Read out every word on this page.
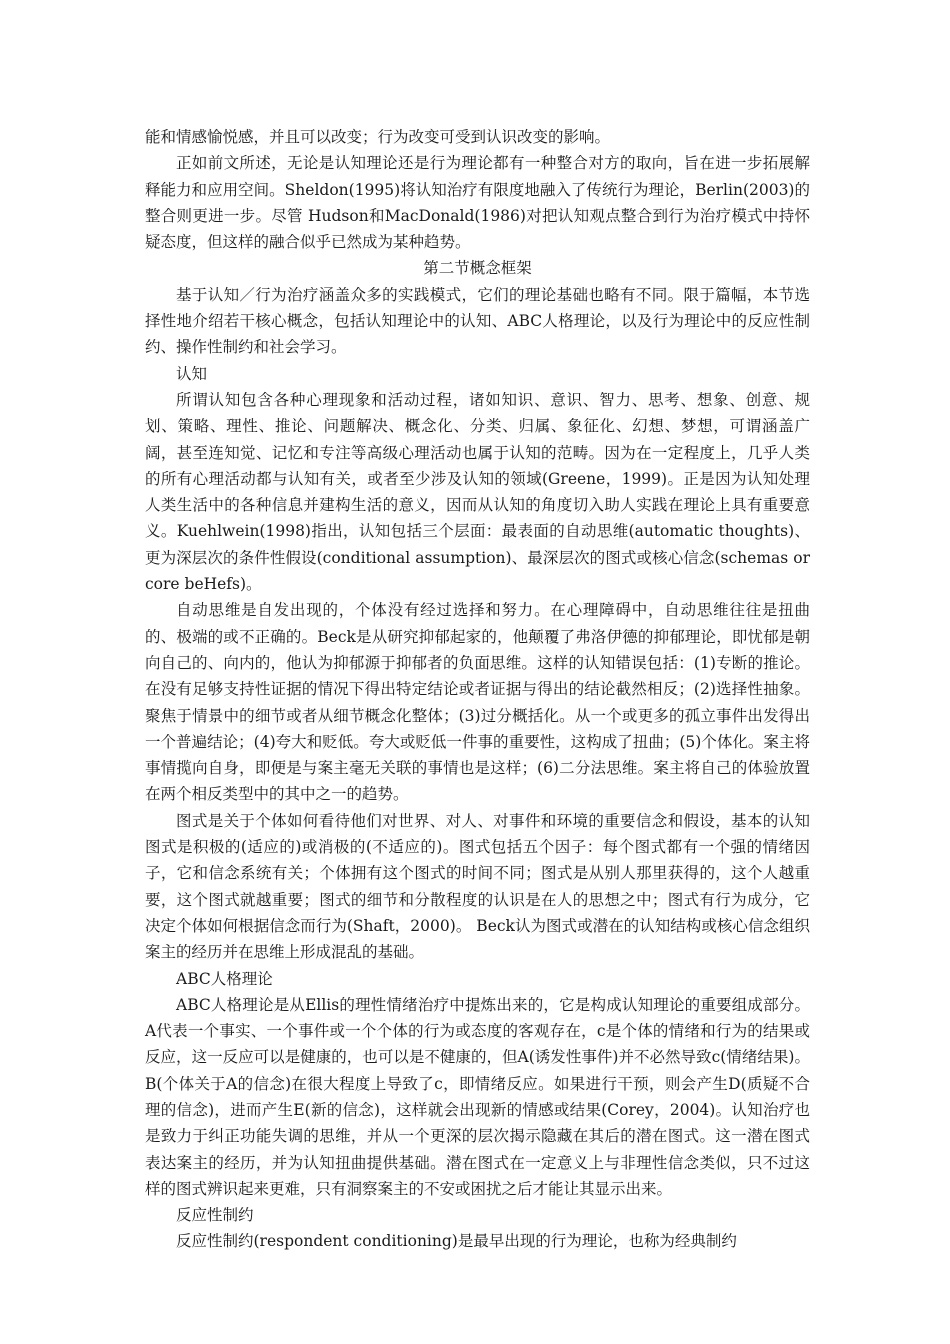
能和情感愉悦感，并且可以改变；行为改变可受到认识改变的影响。

正如前文所述，无论是认知理论还是行为理论都有一种整合对方的取向，旨在进一步拓展解释能力和应用空间。Sheldon(1995)将认知治疗有限度地融入了传统行为理论，Berlin(2003)的整合则更进一步。尽管 Hudson和MacDonald(1986)对把认知观点整合到行为治疗模式中持怀疑态度，但这样的融合似乎已然成为某种趋势。

第二节概念框架

基于认知／行为治疗涵盖众多的实践模式，它们的理论基础也略有不同。限于篇幅，本节选择性地介绍若干核心概念，包括认知理论中的认知、ABC人格理论，以及行为理论中的反应性制约、操作性制约和社会学习。

认知

所谓认知包含各种心理现象和活动过程，诸如知识、意识、智力、思考、想象、创意、规划、策略、理性、推论、问题解决、概念化、分类、归属、象征化、幻想、梦想，可谓涵盖广阔，甚至连知觉、记忆和专注等高级心理活动也属于认知的范畴。因为在一定程度上，几乎人类的所有心理活动都与认知有关，或者至少涉及认知的领域(Greene，1999)。正是因为认知处理人类生活中的各种信息并建构生活的意义，因而从认知的角度切入助人实践在理论上具有重要意义。Kuehlwein(1998)指出，认知包括三个层面：最表面的自动思维(automatic thoughts)、更为深层次的条件性假设(conditional assumption)、最深层次的图式或核心信念(schemas or core beHefs)。

自动思维是自发出现的，个体没有经过选择和努力。在心理障碍中，自动思维往往是扭曲的、极端的或不正确的。Beck是从研究抑郁起家的，他颠覆了弗洛伊德的抑郁理论，即忧郁是朝向自己的、向内的，他认为抑郁源于抑郁者的负面思维。这样的认知错误包括：(1)专断的推论。在没有足够支持性证据的情况下得出特定结论或者证据与得出的结论截然相反；(2)选择性抽象。聚焦于情景中的细节或者从细节概念化整体；(3)过分概括化。从一个或更多的孤立事件出发得出一个普遍结论；(4)夸大和贬低。夸大或贬低一件事的重要性，这构成了扭曲；(5)个体化。案主将事情揽向自身，即便是与案主毫无关联的事情也是这样；(6)二分法思维。案主将自己的体验放置在两个相反类型中的其中之一的趋势。

图式是关于个体如何看待他们对世界、对人、对事件和环境的重要信念和假设，基本的认知图式是积极的(适应的)或消极的(不适应的)。图式包括五个因子：每个图式都有一个强的情绪因子，它和信念系统有关；个体拥有这个图式的时间不同；图式是从别人那里获得的，这个人越重要，这个图式就越重要；图式的细节和分散程度的认识是在人的思想之中；图式有行为成分，它决定个体如何根据信念而行为(Shaft，2000)。 Beck认为图式或潜在的认知结构或核心信念组织案主的经历并在思维上形成混乱的基础。

ABC人格理论

ABC人格理论是从Ellis的理性情绪治疗中提炼出来的，它是构成认知理论的重要组成部分。A代表一个事实、一个事件或一个个体的行为或态度的客观存在，c是个体的情绪和行为的结果或反应，这一反应可以是健康的，也可以是不健康的，但A(诱发性事件)并不必然导致c(情绪结果)。B(个体关于A的信念)在很大程度上导致了c，即情绪反应。如果进行干预，则会产生D(质疑不合理的信念)，进而产生E(新的信念)，这样就会出现新的情感或结果(Corey，2004)。认知治疗也是致力于纠正功能失调的思维，并从一个更深的层次揭示隐藏在其后的潜在图式。这一潜在图式表达案主的经历，并为认知扭曲提供基础。潜在图式在一定意义上与非理性信念类似，只不过这样的图式辨识起来更难，只有洞察案主的不安或困扰之后才能让其显示出来。

反应性制约

反应性制约(respondent conditioning)是最早出现的行为理论，也称为经典制约
